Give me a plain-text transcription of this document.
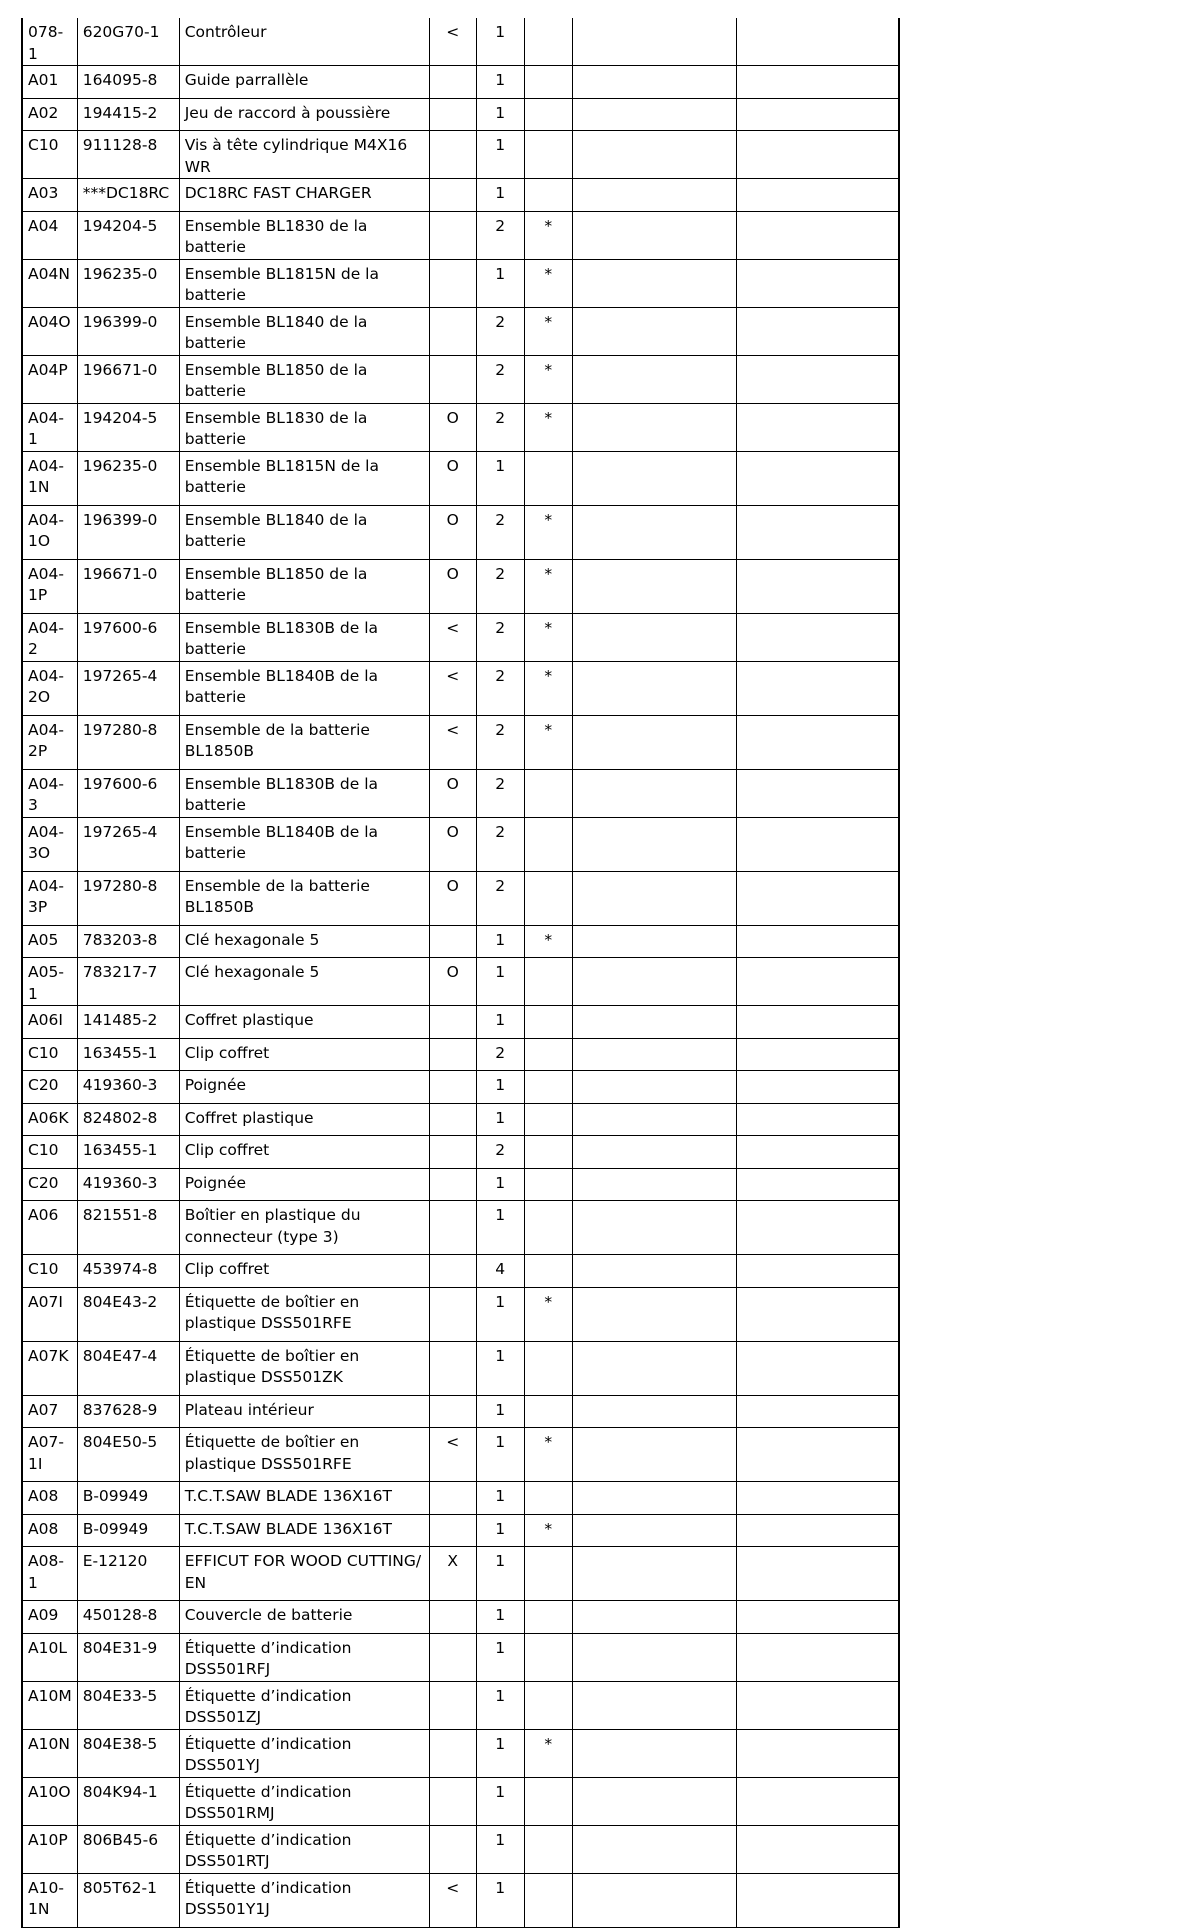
078-1	620G70-1	Contrôleur	<	1			
A01	164095-8	Guide parrallèle		1			
A02	194415-2	Jeu de raccord à poussière		1			
C10	911128-8	Vis à tête cylindrique M4X16 WR		1			
A03	***DC18RC	DC18RC FAST CHARGER		1			
A04	194204-5	Ensemble BL1830 de la batterie		2	*		
A04N	196235-0	Ensemble BL1815N de la batterie		1	*		
A04O	196399-0	Ensemble BL1840 de la batterie		2	*		
A04P	196671-0	Ensemble BL1850 de la batterie		2	*		
A04-1	194204-5	Ensemble BL1830 de la batterie	O	2	*		
A04-1N	196235-0	Ensemble BL1815N de la batterie	O	1			
A04-1O	196399-0	Ensemble BL1840 de la batterie	O	2	*		
A04-1P	196671-0	Ensemble BL1850 de la batterie	O	2	*		
A04-2	197600-6	Ensemble BL1830B de la batterie	<	2	*		
A04-2O	197265-4	Ensemble BL1840B de la batterie	<	2	*		
A04-2P	197280-8	Ensemble de la batterie BL1850B	<	2	*		
A04-3	197600-6	Ensemble BL1830B de la batterie	O	2			
A04-3O	197265-4	Ensemble BL1840B de la batterie	O	2			
A04-3P	197280-8	Ensemble de la batterie BL1850B	O	2			
A05	783203-8	Clé hexagonale 5		1	*		
A05-1	783217-7	Clé hexagonale 5	O	1			
A06I	141485-2	Coffret plastique		1			
C10	163455-1	Clip coffret		2			
C20	419360-3	Poignée		1			
A06K	824802-8	Coffret plastique		1			
C10	163455-1	Clip coffret		2			
C20	419360-3	Poignée		1			
A06	821551-8	Boîtier en plastique du connecteur (type 3)		1			
C10	453974-8	Clip coffret		4			
A07I	804E43-2	Étiquette de boîtier en plastique DSS501RFE		1	*		
A07K	804E47-4	Étiquette de boîtier en plastique DSS501ZK		1			
A07	837628-9	Plateau intérieur		1			
A07-1I	804E50-5	Étiquette de boîtier en plastique DSS501RFE	<	1	*		
A08	B-09949	T.C.T.SAW BLADE 136X16T		1			
A08	B-09949	T.C.T.SAW BLADE 136X16T		1	*		
A08-1	E-12120	EFFICUT FOR WOOD CUTTING/ EN	X	1			
A09	450128-8	Couvercle de batterie		1			
A10L	804E31-9	Étiquette d’indication DSS501RFJ		1			
A10M	804E33-5	Étiquette d’indication DSS501ZJ		1			
A10N	804E38-5	Étiquette d’indication DSS501YJ		1	*		
A10O	804K94-1	Étiquette d’indication DSS501RMJ		1			
A10P	806B45-6	Étiquette d’indication DSS501RTJ		1			
A10-1N	805T62-1	Étiquette d’indication DSS501Y1J	<	1			
